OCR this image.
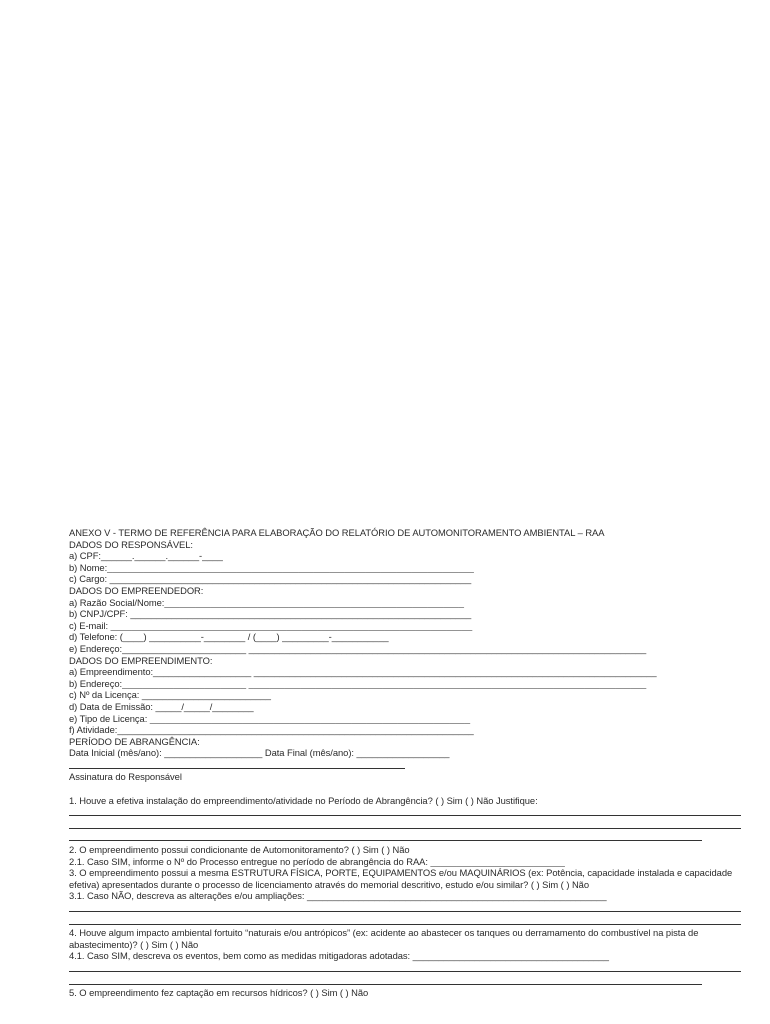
ANEXO V - TERMO DE REFERÊNCIA PARA ELABORAÇÃO DO RELATÓRIO DE AUTOMONITORAMENTO AMBIENTAL – RAA
DADOS DO RESPONSÁVEL:
a) CPF:______.______.______-____
b) Nome:_______________________________________________________________________
c) Cargo: ______________________________________________________________________
DADOS DO EMPREENDEDOR:
a) Razão Social/Nome:__________________________________________________________
b) CNPJ/CPF: __________________________________________________________________
c) E-mail: ______________________________________________________________________
d) Telefone: (____) __________-________ / (____) _________-___________
e) Endereço:________________________ _____________________________________________________________________________
DADOS DO EMPREENDIMENTO:
a) Empreendimento:___________________ ______________________________________________________________________________
b) Endereço:________________________ _____________________________________________________________________________
c) Nº da Licença: _________________________
d) Data de Emissão: _____/_____/________
e) Tipo de Licença: ______________________________________________________________
f) Atividade:_____________________________________________________________________
PERÍODO DE ABRANGÊNCIA:
Data Inicial (mês/ano): ___________________ Data Final (mês/ano): __________________
Assinatura do Responsável
1. Houve a efetiva instalação do empreendimento/atividade no Período de Abrangência? ( ) Sim ( ) Não Justifique:
2. O empreendimento possui condicionante de Automonitoramento? ( ) Sim ( ) Não
2.1. Caso SIM, informe o Nº do Processo entregue no período de abrangência do RAA: __________________________
3. O empreendimento possui a mesma ESTRUTURA FÍSICA, PORTE, EQUIPAMENTOS e/ou MAQUINÁRIOS (ex: Potência, capacidade instalada e capacidade efetiva) apresentados durante o processo de licenciamento através do memorial descritivo, estudo e/ou similar? ( ) Sim ( ) Não
3.1. Caso NÃO, descreva as alterações e/ou ampliações: __________________________________________________________
4. Houve algum impacto ambiental fortuito “naturais e/ou antrópicos” (ex: acidente ao abastecer os tanques ou derramamento do combustível na pista de abastecimento)? ( ) Sim ( ) Não
4.1. Caso SIM, descreva os eventos, bem como as medidas mitigadoras adotadas: ______________________________________
5. O empreendimento fez captação em recursos hídricos? ( ) Sim ( ) Não
